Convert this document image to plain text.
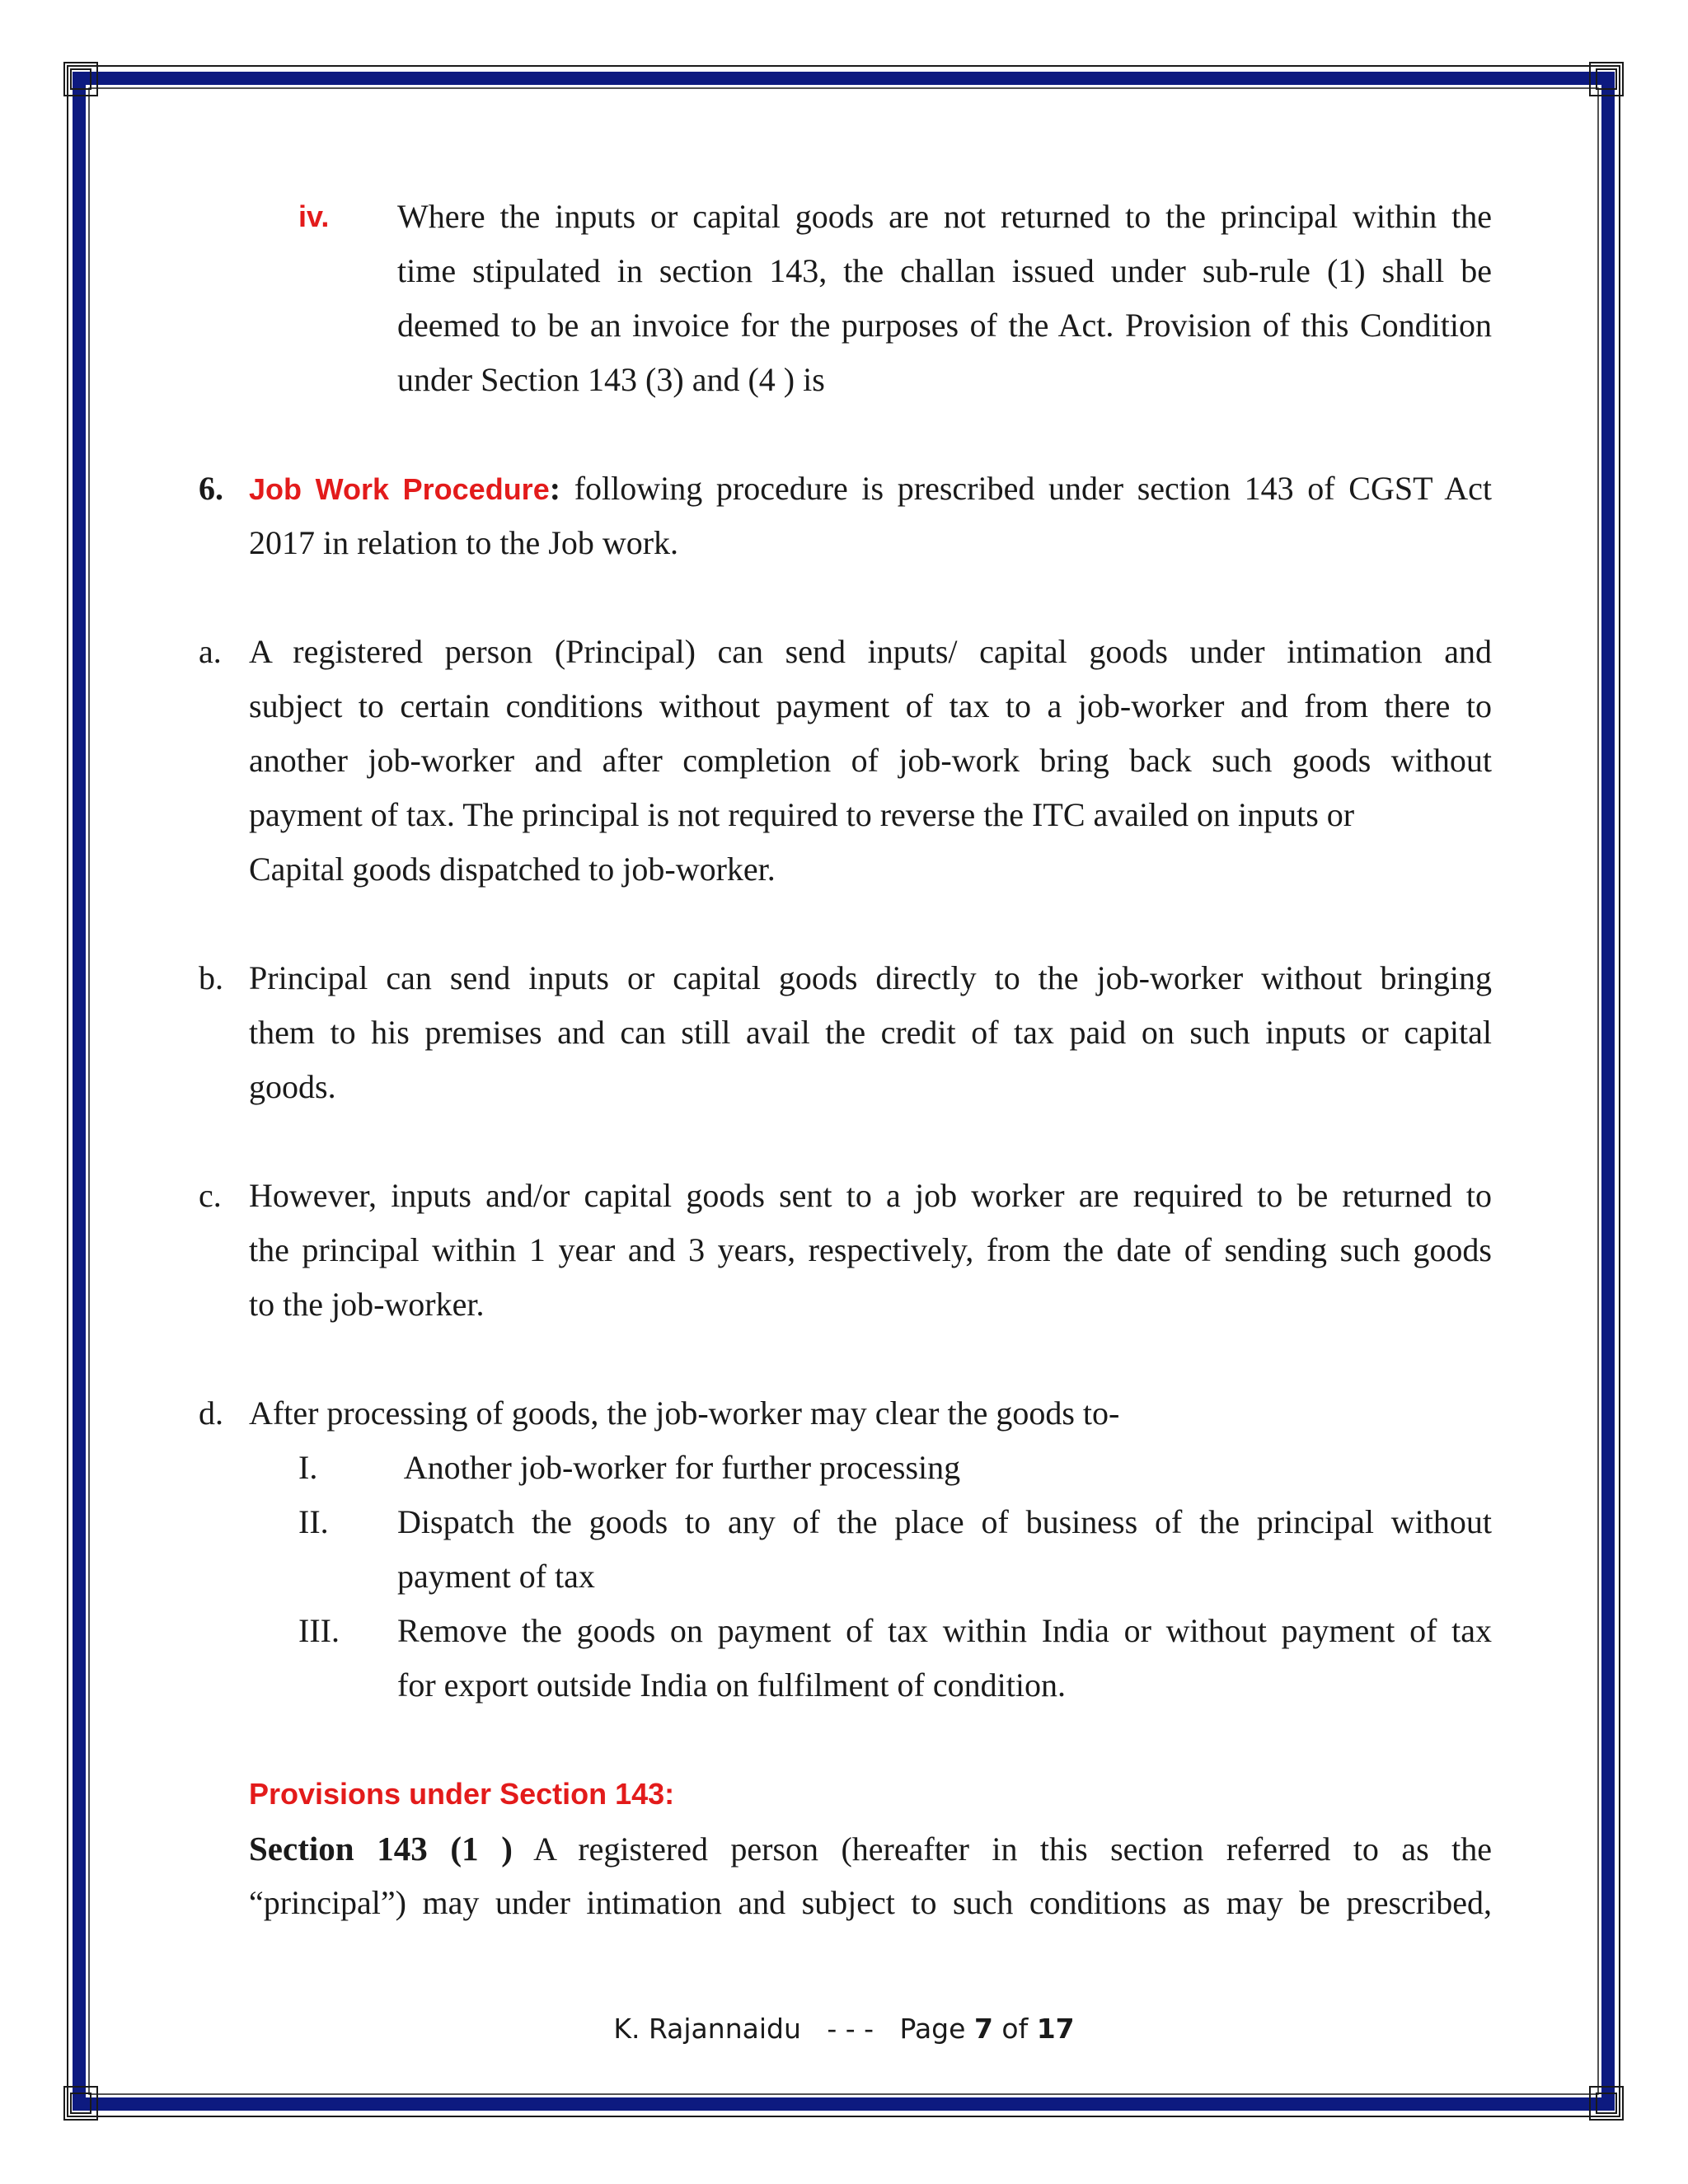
iv. Where the inputs or capital goods are not returned to the principal within the
time stipulated in section 143, the challan issued under sub-rule (1) shall be
deemed to be an invoice for the purposes of the Act. Provision of this Condition
under Section 143 (3) and (4 ) is
6. Job Work Procedure: following procedure is prescribed under section 143 of CGST Act
2017 in relation to the Job work.
a. A registered person (Principal) can send inputs/ capital goods under intimation and
subject to certain conditions without payment of tax to a job-worker and from there to
another job-worker and after completion of job-work bring back such goods without
payment of tax. The principal is not required to reverse the ITC availed on inputs or
Capital goods dispatched to job-worker.
b. Principal can send inputs or capital goods directly to the job-worker without bringing
them to his premises and can still avail the credit of tax paid on such inputs or capital
goods.
c. However, inputs and/or capital goods sent to a job worker are required to be returned to
the principal within 1 year and 3 years, respectively, from the date of sending such goods
to the job-worker.
d. After processing of goods, the job-worker may clear the goods to-
I. Another job-worker for further processing
II. Dispatch the goods to any of the place of business of the principal without
payment of tax
III. Remove the goods on payment of tax within India or without payment of tax
for export outside India on fulfilment of condition.
Provisions under Section 143:
Section 143 (1 ) A registered person (hereafter in this section referred to as the
“principal”) may under intimation and subject to such conditions as may be prescribed,
K. Rajannaidu - - - Page 7 of 17
